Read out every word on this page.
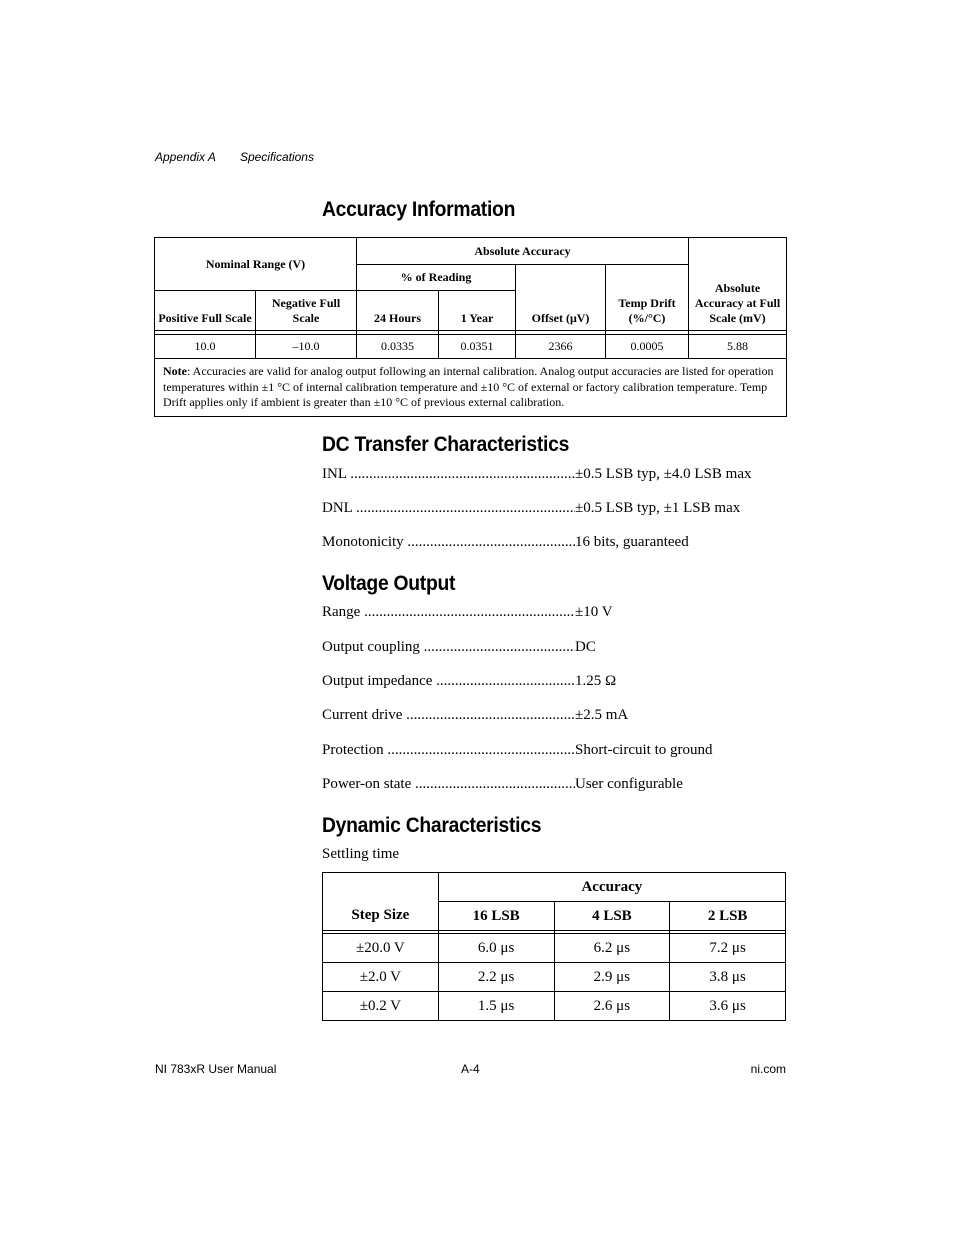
Appendix A Specifications
Accuracy Information
Nominal Range (V)		Absolute Accuracy				Absolute Accuracy at Full Scale (mV)
		% of Reading		Offset (μV)	Temp Drift (%/°C)	
Positive Full Scale	Negative Full Scale	24 Hours	1 Year			

10.0	–10.0	0.0335	0.0351	2366	0.0005	5.88
Note: Accuracies are valid for analog output following an internal calibration. Analog output accuracies are listed for operation temperatures within ±1 °C of internal calibration temperature and ±10 °C of external or factory calibration temperature. Temp Drift applies only if ambient is greater than ±10 °C of previous external calibration.						
DC Transfer Characteristics
INL .....	±0.5 LSB typ, ±4.0 LSB max
DNL .....	±0.5 LSB typ, ±1 LSB max
Monotonicity .....	16 bits, guaranteed
Voltage Output
Range .....	±10 V
Output coupling .....	DC
Output impedance .....	1.25 Ω
Current drive .....	±2.5 mA
Protection .....	Short-circuit to ground
Power-on state .....	User configurable
Dynamic Characteristics
Settling time
Step Size	Accuracy		
	16 LSB	4 LSB	2 LSB

±20.0 V	6.0 μs	6.2 μs	7.2 μs
±2.0 V	2.2 μs	2.9 μs	3.8 μs
±0.2 V	1.5 μs	2.6 μs	3.6 μs
NI 783xR User Manual	A-4	ni.com
